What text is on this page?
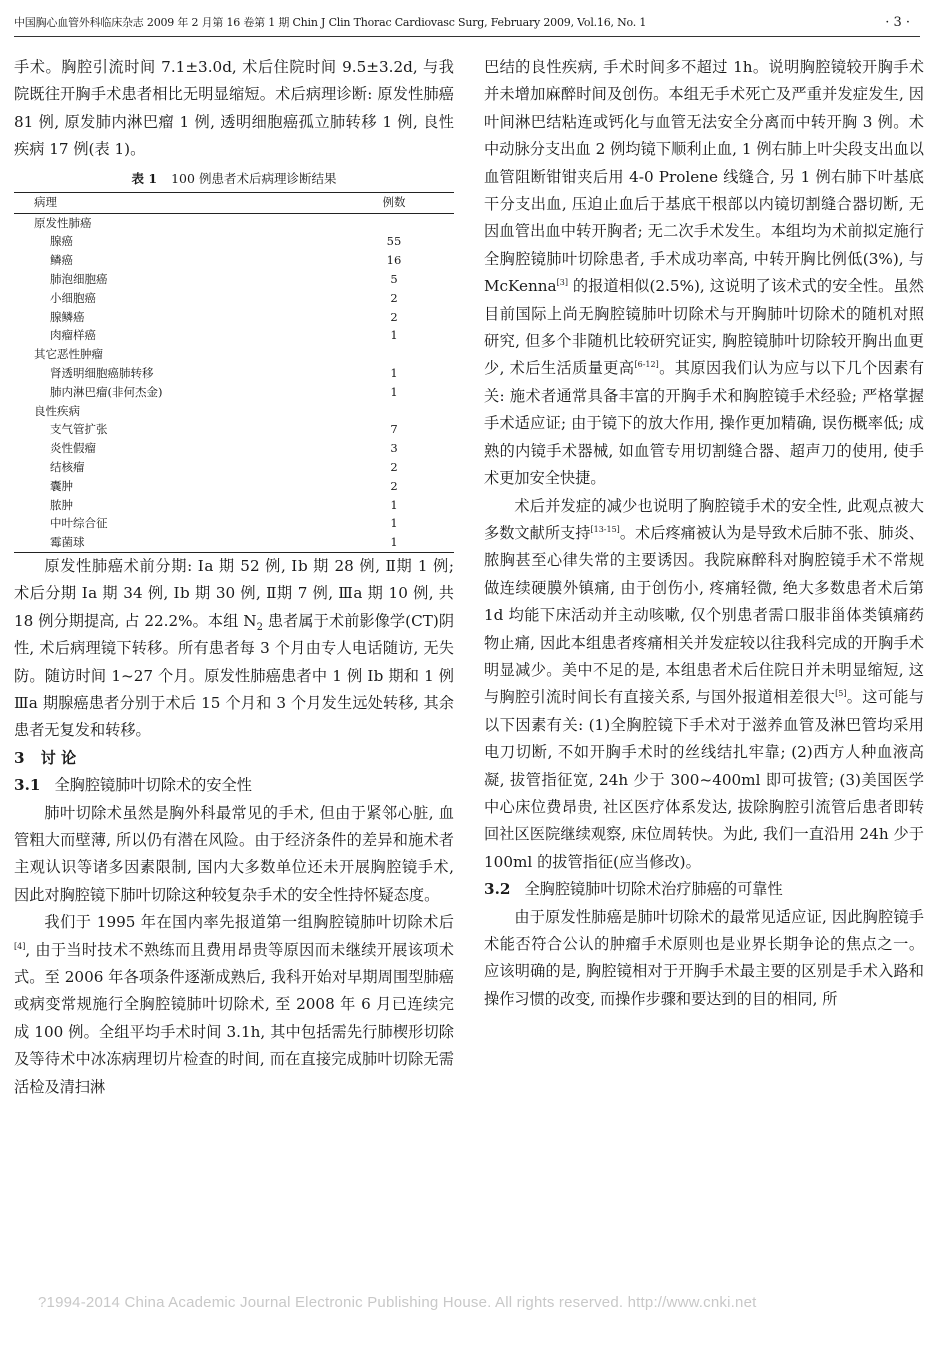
中国胸心血管外科临床杂志 2009 年 2 月第 16 卷第 1 期 Chin J Clin Thorac Cardiovasc Surg, February 2009, Vol.16, No. 1	· 3 ·

手术。胸腔引流时间 7.1±3.0d, 术后住院时间 9.5±3.2d, 与我院既往开胸手术患者相比无明显缩短。术后病理诊断: 原发性肺癌 81 例, 原发肺内淋巴瘤 1 例, 透明细胞癌孤立肺转移 1 例, 良性疾病 17 例(表 1)。

表 1 100 例患者术后病理诊断结果
病理	例数
原发性肺癌	
腺癌	55
鳞癌	16
肺泡细胞癌	5
小细胞癌	2
腺鳞癌	2
肉瘤样癌	1
其它恶性肿瘤	
肾透明细胞癌肺转移	1
肺内淋巴瘤(非何杰金)	1
良性疾病	
支气管扩张	7
炎性假瘤	3
结核瘤	2
囊肿	2
脓肿	1
中叶综合征	1
霉菌球	1

原发性肺癌术前分期: Ⅰa 期 52 例, Ⅰb 期 28 例, Ⅱ期 1 例; 术后分期 Ⅰa 期 34 例, Ⅰb 期 30 例, Ⅱ期 7 例, Ⅲa 期 10 例, 共 18 例分期提高, 占 22.2%。本组 $N_2$ 患者属于术前影像学(CT)阴性, 术后病理镜下转移。所有患者每 3 个月由专人电话随访, 无失防。随访时间 1~27 个月。原发性肺癌患者中 1 例 Ⅰb 期和 1 例 Ⅲa 期腺癌患者分别于术后 15 个月和 3 个月发生远处转移, 其余患者无复发和转移。

3 讨 论

3.1 全胸腔镜肺叶切除术的安全性

肺叶切除术虽然是胸外科最常见的手术, 但由于紧邻心脏, 血管粗大而壁薄, 所以仍有潜在风险。由于经济条件的差异和施术者主观认识等诸多因素限制, 国内大多数单位还未开展胸腔镜手术, 因此对胸腔镜下肺叶切除这种较复杂手术的安全性持怀疑态度。

我们于 1995 年在国内率先报道第一组胸腔镜肺叶切除术后[4], 由于当时技术不熟练而且费用昂贵等原因而未继续开展该项术式。至 2006 年各项条件逐渐成熟后, 我科开始对早期周围型肺癌或病变常规施行全胸腔镜肺叶切除术, 至 2008 年 6 月已连续完成 100 例。全组平均手术时间 3.1h, 其中包括需先行肺楔形切除及等待术中冰冻病理切片检查的时间, 而在直接完成肺叶切除无需活检及清扫淋

巴结的良性疾病, 手术时间多不超过 1h。说明胸腔镜较开胸手术并未增加麻醉时间及创伤。本组无手术死亡及严重并发症发生, 因叶间淋巴结粘连或钙化与血管无法安全分离而中转开胸 3 例。术中动脉分支出血 2 例均镜下顺利止血, 1 例右肺上叶尖段支出血以血管阻断钳钳夹后用 4-0 Prolene 线缝合, 另 1 例右肺下叶基底干分支出血, 压迫止血后于基底干根部以内镜切割缝合器切断, 无因血管出血中转开胸者; 无二次手术发生。本组均为术前拟定施行全胸腔镜肺叶切除患者, 手术成功率高, 中转开胸比例低(3%), 与 McKenna[3] 的报道相似(2.5%), 这说明了该术式的安全性。虽然目前国际上尚无胸腔镜肺叶切除术与开胸肺叶切除术的随机对照研究, 但多个非随机比较研究证实, 胸腔镜肺叶切除较开胸出血更少, 术后生活质量更高[6-12]。其原因我们认为应与以下几个因素有关: 施术者通常具备丰富的开胸手术和胸腔镜手术经验; 严格掌握手术适应证; 由于镜下的放大作用, 操作更加精确, 误伤概率低; 成熟的内镜手术器械, 如血管专用切割缝合器、超声刀的使用, 使手术更加安全快捷。

术后并发症的减少也说明了胸腔镜手术的安全性, 此观点被大多数文献所支持[13-15]。术后疼痛被认为是导致术后肺不张、肺炎、脓胸甚至心律失常的主要诱因。我院麻醉科对胸腔镜手术不常规做连续硬膜外镇痛, 由于创伤小, 疼痛轻微, 绝大多数患者术后第 1d 均能下床活动并主动咳嗽, 仅个别患者需口服非甾体类镇痛药物止痛, 因此本组患者疼痛相关并发症较以往我科完成的开胸手术明显减少。美中不足的是, 本组患者术后住院日并未明显缩短, 这与胸腔引流时间长有直接关系, 与国外报道相差很大[5]。这可能与以下因素有关: (1)全胸腔镜下手术对于滋养血管及淋巴管均采用电刀切断, 不如开胸手术时的丝线结扎牢靠; (2)西方人种血液高凝, 拔管指征宽, 24h 少于 300~400ml 即可拔管; (3)美国医学中心床位费昂贵, 社区医疗体系发达, 拔除胸腔引流管后患者即转回社区医院继续观察, 床位周转快。为此, 我们一直沿用 24h 少于 100ml 的拔管指征(应当修改)。

3.2 全胸腔镜肺叶切除术治疗肺癌的可靠性

由于原发性肺癌是肺叶切除术的最常见适应证, 因此胸腔镜手术能否符合公认的肿瘤手术原则也是业界长期争论的焦点之一。应该明确的是, 胸腔镜相对于开胸手术最主要的区别是手术入路和操作习惯的改变, 而操作步骤和要达到的目的相同, 所

?1994-2014 China Academic Journal Electronic Publishing House. All rights reserved. http://www.cnki.net
